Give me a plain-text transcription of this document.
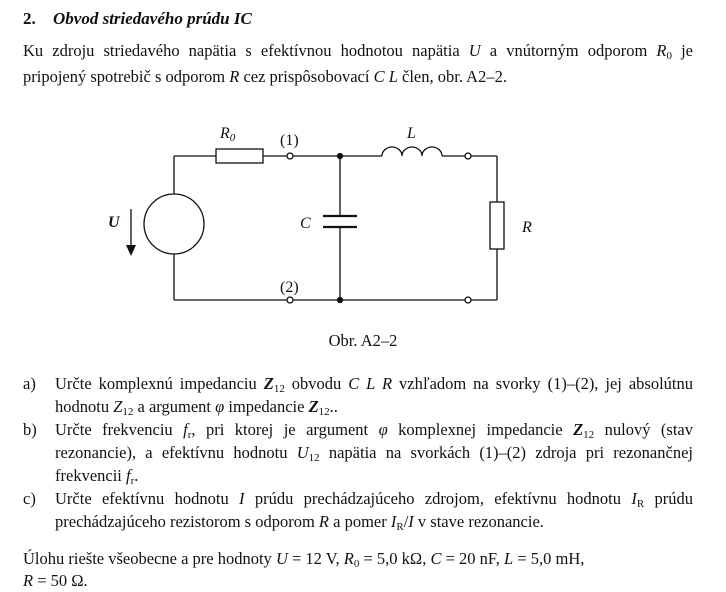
2. Obvod striedavého prúdu IC

Ku zdroju striedavého napätia s efektívnou hodnotou napätia U a vnútorným odporom $R_0$ je pripojený spotrebič s odporom R cez prispôsobovací C L člen, obr. A2–2.

R0	(1)
(2)
L
C
U	R
Obr. A2–2
a)	Určte komplexnú impedanciu $Z_{12}$ obvodu C L R vzhľadom na svorky (1)–(2), jej absolútnu hodnotu $Z_{12}$ a argument φ impedancie $Z_{12}$..
b)	Určte frekvenciu $f_r$, pri ktorej je argument φ komplexnej impedancie $Z_{12}$ nulový (stav rezonancie), a efektívnu hodnotu $U_{12}$ napätia na svorkách (1)–(2) zdroja pri rezonančnej frekvencii $f_r$.
c)	Určte efektívnu hodnotu I prúdu prechádzajúceho zdrojom, efektívnu hodnotu $I_R$ prúdu prechádzajúceho rezistorom s odporom R a pomer $I_R/I$ v stave rezonancie.
Úlohu riešte všeobecne a pre hodnoty U = 12 V, $R_0 = 5,0$ kΩ, C = 20 nF, L = 5,0 mH,
R = 50 Ω.
